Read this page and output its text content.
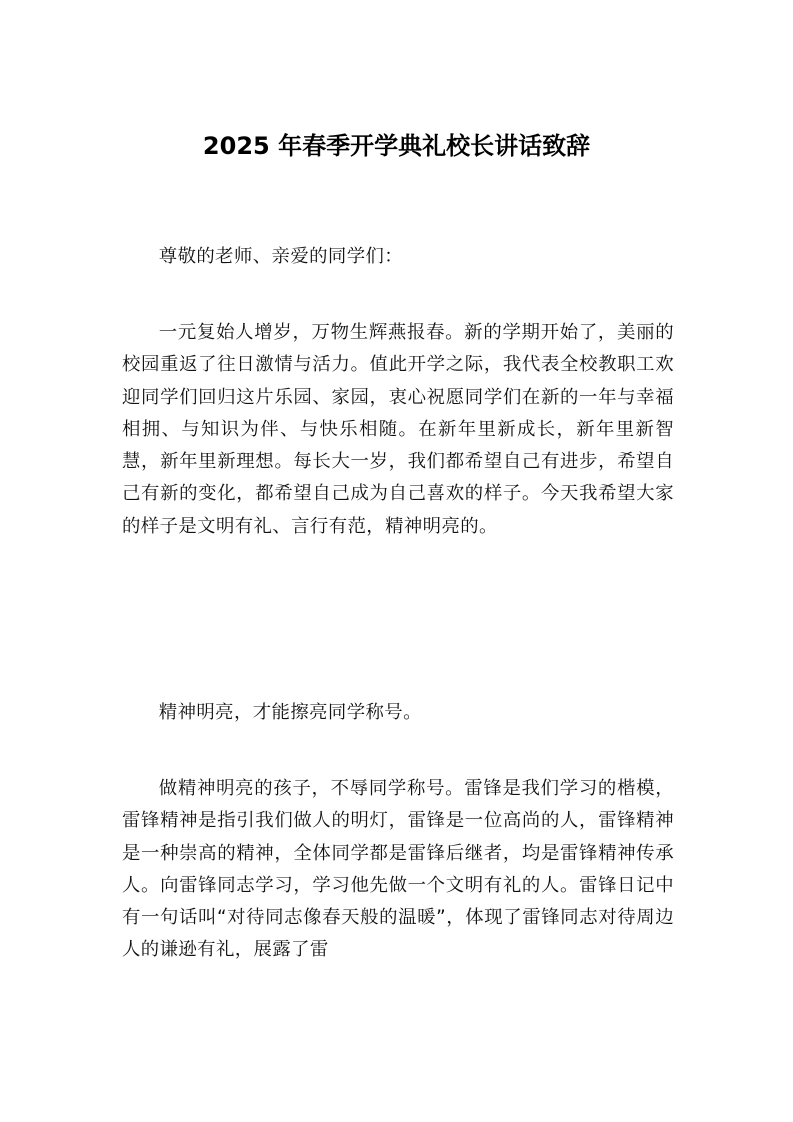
2025 年春季开学典礼校长讲话致辞

尊敬的老师、亲爱的同学们：

一元复始人增岁，万物生辉燕报春。新的学期开始了，美丽的校园重返了往日激情与活力。值此开学之际，我代表全校教职工欢迎同学们回归这片乐园、家园，衷心祝愿同学们在新的一年与幸福相拥、与知识为伴、与快乐相随。在新年里新成长，新年里新智慧，新年里新理想。每长大一岁，我们都希望自己有进步，希望自己有新的变化，都希望自己成为自己喜欢的样子。今天我希望大家的样子是文明有礼、言行有范，精神明亮的。

精神明亮，才能擦亮同学称号。

做精神明亮的孩子，不辱同学称号。雷锋是我们学习的楷模，雷锋精神是指引我们做人的明灯，雷锋是一位高尚的人，雷锋精神是一种崇高的精神，全体同学都是雷锋后继者，均是雷锋精神传承人。向雷锋同志学习，学习他先做一个文明有礼的人。雷锋日记中有一句话叫“对待同志像春天般的温暖”，体现了雷锋同志对待周边人的谦逊有礼，展露了雷
